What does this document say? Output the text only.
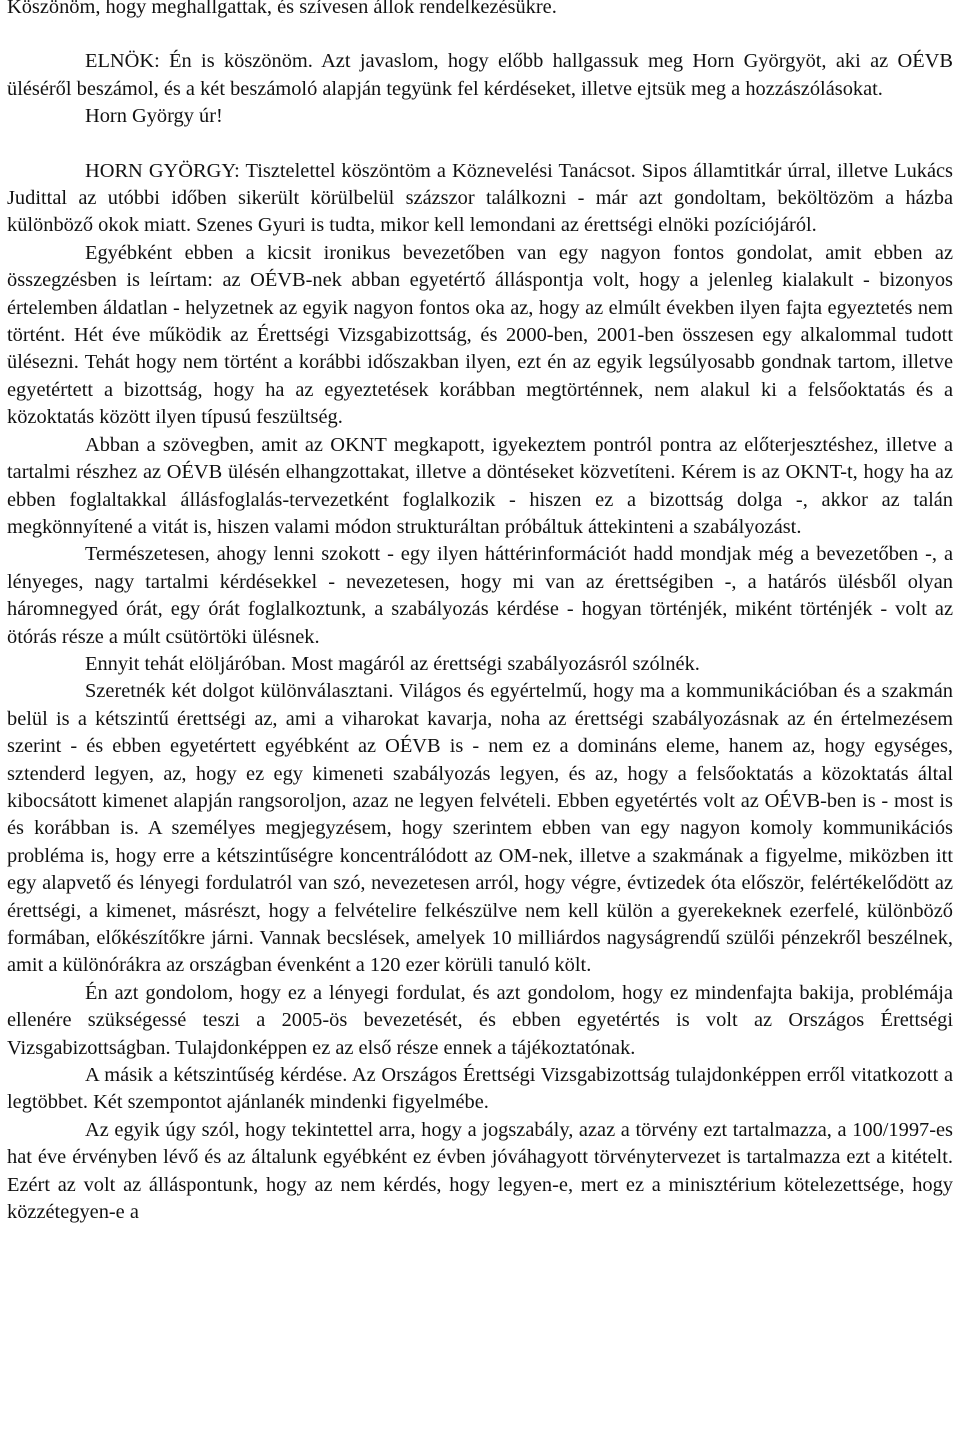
Köszönöm, hogy meghallgattak, és szívesen állok rendelkezésükre.

ELNÖK: Én is köszönöm. Azt javaslom, hogy előbb hallgassuk meg Horn Györgyöt, aki az OÉVB üléséről beszámol, és a két beszámoló alapján tegyünk fel kérdéseket, illetve ejtsük meg a hozzászólásokat.

Horn György úr!

HORN GYÖRGY: Tisztelettel köszöntöm a Köznevelési Tanácsot. Sipos államtitkár úrral, illetve Lukács Judittal az utóbbi időben sikerült körülbelül százszor találkozni - már azt gondoltam, beköltözöm a házba különböző okok miatt. Szenes Gyuri is tudta, mikor kell lemondani az érettségi elnöki pozíciójáról.

Egyébként ebben a kicsit ironikus bevezetőben van egy nagyon fontos gondolat, amit ebben az összegzésben is leírtam: az OÉVB-nek abban egyetértő álláspontja volt, hogy a jelenleg kialakult - bizonyos értelemben áldatlan - helyzetnek az egyik nagyon fontos oka az, hogy az elmúlt években ilyen fajta egyeztetés nem történt. Hét éve működik az Érettségi Vizsgabizottság, és 2000-ben, 2001-ben összesen egy alkalommal tudott ülésezni. Tehát hogy nem történt a korábbi időszakban ilyen, ezt én az egyik legsúlyosabb gondnak tartom, illetve egyetértett a bizottság, hogy ha az egyeztetések korábban megtörténnek, nem alakul ki a felsőoktatás és a közoktatás között ilyen típusú feszültség.

Abban a szövegben, amit az OKNT megkapott, igyekeztem pontról pontra az előterjesztéshez, illetve a tartalmi részhez az OÉVB ülésén elhangzottakat, illetve a döntéseket közvetíteni. Kérem is az OKNT-t, hogy ha az ebben foglaltakkal állásfoglalás-tervezetként foglalkozik - hiszen ez a bizottság dolga -, akkor az talán megkönnyítené a vitát is, hiszen valami módon strukturáltan próbáltuk áttekinteni a szabályozást.

Természetesen, ahogy lenni szokott - egy ilyen háttérinformációt hadd mondjak még a bevezetőben -, a lényeges, nagy tartalmi kérdésekkel - nevezetesen, hogy mi van az érettségiben -, a határós ülésből olyan háromnegyed órát, egy órát foglalkoztunk, a szabályozás kérdése - hogyan történjék, miként történjék - volt az ötórás része a múlt csütörtöki ülésnek.

Ennyit tehát elöljáróban. Most magáról az érettségi szabályozásról szólnék.

Szeretnék két dolgot különválasztani. Világos és egyértelmű, hogy ma a kommunikációban és a szakmán belül is a kétszintű érettségi az, ami a viharokat kavarja, noha az érettségi szabályozásnak az én értelmezésem szerint - és ebben egyetértett egyébként az OÉVB is - nem ez a domináns eleme, hanem az, hogy egységes, sztenderd legyen, az, hogy ez egy kimeneti szabályozás legyen, és az, hogy a felsőoktatás a közoktatás által kibocsátott kimenet alapján rangsoroljon, azaz ne legyen felvételi. Ebben egyetértés volt az OÉVB-ben is - most is és korábban is. A személyes megjegyzésem, hogy szerintem ebben van egy nagyon komoly kommunikációs probléma is, hogy erre a kétszintűségre koncentrálódott az OM-nek, illetve a szakmának a figyelme, miközben itt egy alapvető és lényegi fordulatról van szó, nevezetesen arról, hogy végre, évtizedek óta először, felértékelődött az érettségi, a kimenet, másrészt, hogy a felvételire felkészülve nem kell külön a gyerekeknek ezerfelé, különböző formában, előkészítőkre járni. Vannak becslések, amelyek 10 milliárdos nagyságrendű szülői pénzekről beszélnek, amit a különórákra az országban évenként a 120 ezer körüli tanuló költ.

Én azt gondolom, hogy ez a lényegi fordulat, és azt gondolom, hogy ez mindenfajta bakija, problémája ellenére szükségessé teszi a 2005-ös bevezetését, és ebben egyetértés is volt az Országos Érettségi Vizsgabizottságban. Tulajdonképpen ez az első része ennek a tájékoztatónak.

A másik a kétszintűség kérdése. Az Országos Érettségi Vizsgabizottság tulajdonképpen erről vitatkozott a legtöbbet. Két szempontot ajánlanék mindenki figyelmébe.

Az egyik úgy szól, hogy tekintettel arra, hogy a jogszabály, azaz a törvény ezt tartalmazza, a 100/1997-es hat éve érvényben lévő és az általunk egyébként ez évben jóváhagyott törvénytervezet is tartalmazza ezt a kitételt. Ezért az volt az álláspontunk, hogy az nem kérdés, hogy legyen-e, mert ez a minisztérium kötelezettsége, hogy közzétegyen-e a
